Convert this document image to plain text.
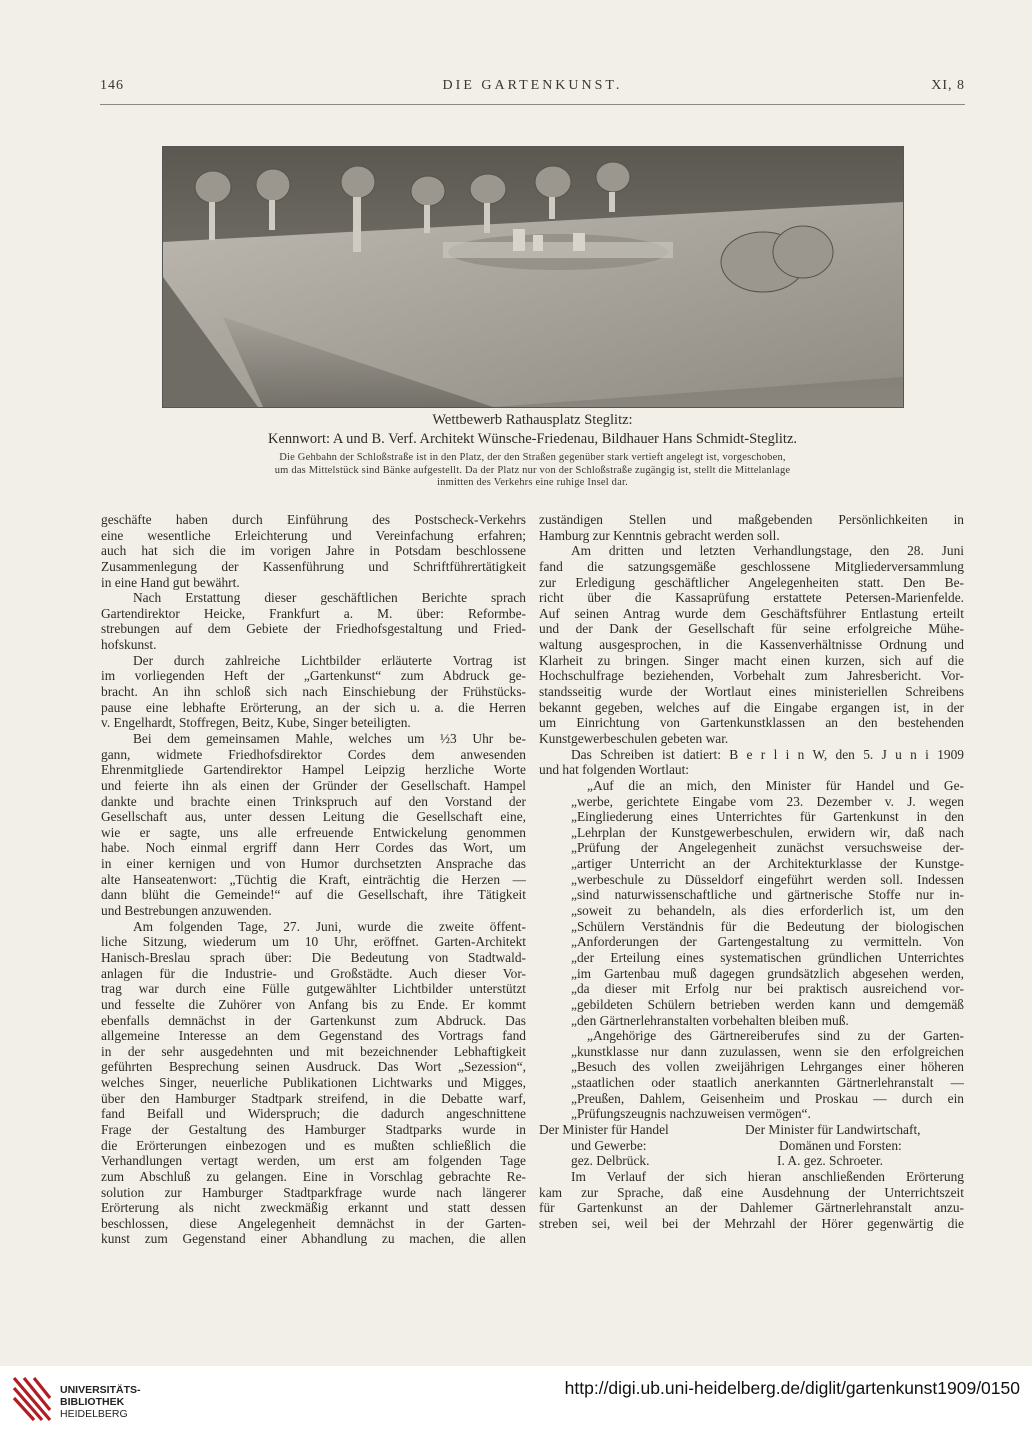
146	DIE GARTENKUNST.	XI, 8
Wettbewerb Rathausplatz Steglitz:
Kennwort: A und B. Verf. Architekt Wünsche-Friedenau, Bildhauer Hans Schmidt-Steglitz.
Die Gehbahn der Schloßstraße ist in den Platz, der den Straßen gegenüber stark vertieft angelegt ist, vorgeschoben,
um das Mittelstück sind Bänke aufgestellt. Da der Platz nur von der Schloßstraße zugängig ist, stellt die Mittelanlage
inmitten des Verkehrs eine ruhige Insel dar.
geschäfte haben durch Einführung des Postscheck-Verkehrs
eine wesentliche Erleichterung und Vereinfachung erfahren;
auch hat sich die im vorigen Jahre in Potsdam beschlossene
Zusammenlegung der Kassenführung und Schriftführertätigkeit
in eine Hand gut bewährt.
Nach Erstattung dieser geschäftlichen Berichte sprach
Gartendirektor Heicke, Frankfurt a. M. über: Reformbe-
strebungen auf dem Gebiete der Friedhofsgestaltung und Fried-
hofskunst.
Der durch zahlreiche Lichtbilder erläuterte Vortrag ist
im vorliegenden Heft der „Gartenkunst“ zum Abdruck ge-
bracht. An ihn schloß sich nach Einschiebung der Frühstücks-
pause eine lebhafte Erörterung, an der sich u. a. die Herren
v. Engelhardt, Stoffregen, Beitz, Kube, Singer beteiligten.
Bei dem gemeinsamen Mahle, welches um ½3 Uhr be-
gann, widmete Friedhofsdirektor Cordes dem anwesenden
Ehrenmitgliede Gartendirektor Hampel Leipzig herzliche Worte
und feierte ihn als einen der Gründer der Gesellschaft. Hampel
dankte und brachte einen Trinkspruch auf den Vorstand der
Gesellschaft aus, unter dessen Leitung die Gesellschaft eine,
wie er sagte, uns alle erfreuende Entwickelung genommen
habe. Noch einmal ergriff dann Herr Cordes das Wort, um
in einer kernigen und von Humor durchsetzten Ansprache das
alte Hanseatenwort: „Tüchtig die Kraft, einträchtig die Herzen —
dann blüht die Gemeinde!“ auf die Gesellschaft, ihre Tätigkeit
und Bestrebungen anzuwenden.
Am folgenden Tage, 27. Juni, wurde die zweite öffent-
liche Sitzung, wiederum um 10 Uhr, eröffnet. Garten-Architekt
Hanisch-Breslau sprach über: Die Bedeutung von Stadtwald-
anlagen für die Industrie- und Großstädte. Auch dieser Vor-
trag war durch eine Fülle gutgewählter Lichtbilder unterstützt
und fesselte die Zuhörer von Anfang bis zu Ende. Er kommt
ebenfalls demnächst in der Gartenkunst zum Abdruck. Das
allgemeine Interesse an dem Gegenstand des Vortrags fand
in der sehr ausgedehnten und mit bezeichnender Lebhaftigkeit
geführten Besprechung seinen Ausdruck. Das Wort „Sezession“,
welches Singer, neuerliche Publikationen Lichtwarks und Migges,
über den Hamburger Stadtpark streifend, in die Debatte warf,
fand Beifall und Widerspruch; die dadurch angeschnittene
Frage der Gestaltung des Hamburger Stadtparks wurde in
die Erörterungen einbezogen und es mußten schließlich die
Verhandlungen vertagt werden, um erst am folgenden Tage
zum Abschluß zu gelangen. Eine in Vorschlag gebrachte Re-
solution zur Hamburger Stadtparkfrage wurde nach längerer
Erörterung als nicht zweckmäßig erkannt und statt dessen
beschlossen, diese Angelegenheit demnächst in der Garten-
kunst zum Gegenstand einer Abhandlung zu machen, die allen
zuständigen Stellen und maßgebenden Persönlichkeiten in
Hamburg zur Kenntnis gebracht werden soll.
Am dritten und letzten Verhandlungstage, den 28. Juni
fand die satzungsgemäße geschlossene Mitgliederversammlung
zur Erledigung geschäftlicher Angelegenheiten statt. Den Be-
richt über die Kassaprüfung erstattete Petersen-Marienfelde.
Auf seinen Antrag wurde dem Geschäftsführer Entlastung erteilt
und der Dank der Gesellschaft für seine erfolgreiche Mühe-
waltung ausgesprochen, in die Kassenverhältnisse Ordnung und
Klarheit zu bringen. Singer macht einen kurzen, sich auf die
Hochschulfrage beziehenden, Vorbehalt zum Jahresbericht. Vor-
standsseitig wurde der Wortlaut eines ministeriellen Schreibens
bekannt gegeben, welches auf die Eingabe ergangen ist, in der
um Einrichtung von Gartenkunstklassen an den bestehenden
Kunstgewerbeschulen gebeten war.
Das Schreiben ist datiert: B e r l i n W, den 5. J u n i 1909
und hat folgenden Wortlaut:
„Auf die an mich, den Minister für Handel und Ge-
„werbe, gerichtete Eingabe vom 23. Dezember v. J. wegen
„Eingliederung eines Unterrichtes für Gartenkunst in den
„Lehrplan der Kunstgewerbeschulen, erwidern wir, daß nach
„Prüfung der Angelegenheit zunächst versuchsweise der-
„artiger Unterricht an der Architekturklasse der Kunstge-
„werbeschule zu Düsseldorf eingeführt werden soll. Indessen
„sind naturwissenschaftliche und gärtnerische Stoffe nur in-
„soweit zu behandeln, als dies erforderlich ist, um den
„Schülern Verständnis für die Bedeutung der biologischen
„Anforderungen der Gartengestaltung zu vermitteln. Von
„der Erteilung eines systematischen gründlichen Unterrichtes
„im Gartenbau muß dagegen grundsätzlich abgesehen werden,
„da dieser mit Erfolg nur bei praktisch ausreichend vor-
„gebildeten Schülern betrieben werden kann und demgemäß
„den Gärtnerlehranstalten vorbehalten bleiben muß.
„Angehörige des Gärtnereiberufes sind zu der Garten-
„kunstklasse nur dann zuzulassen, wenn sie den erfolgreichen
„Besuch des vollen zweijährigen Lehrganges einer höheren
„staatlichen oder staatlich anerkannten Gärtnerlehranstalt —
„Preußen, Dahlem, Geisenheim und Proskau — durch ein
„Prüfungszeugnis nachzuweisen vermögen“.
Der Minister für Handel
und Gewerbe:
gez. Delbrück.
Der Minister für Landwirtschaft,
Domänen und Forsten:
I. A. gez. Schroeter.
Im Verlauf der sich hieran anschließenden Erörterung
kam zur Sprache, daß eine Ausdehnung der Unterrichtszeit
für Gartenkunst an der Dahlemer Gärtnerlehranstalt anzu-
streben sei, weil bei der Mehrzahl der Hörer gegenwärtig die
UNIVERSITÄTS-
BIBLIOTHEK
HEIDELBERG
http://digi.ub.uni-heidelberg.de/diglit/gartenkunst1909/0150
